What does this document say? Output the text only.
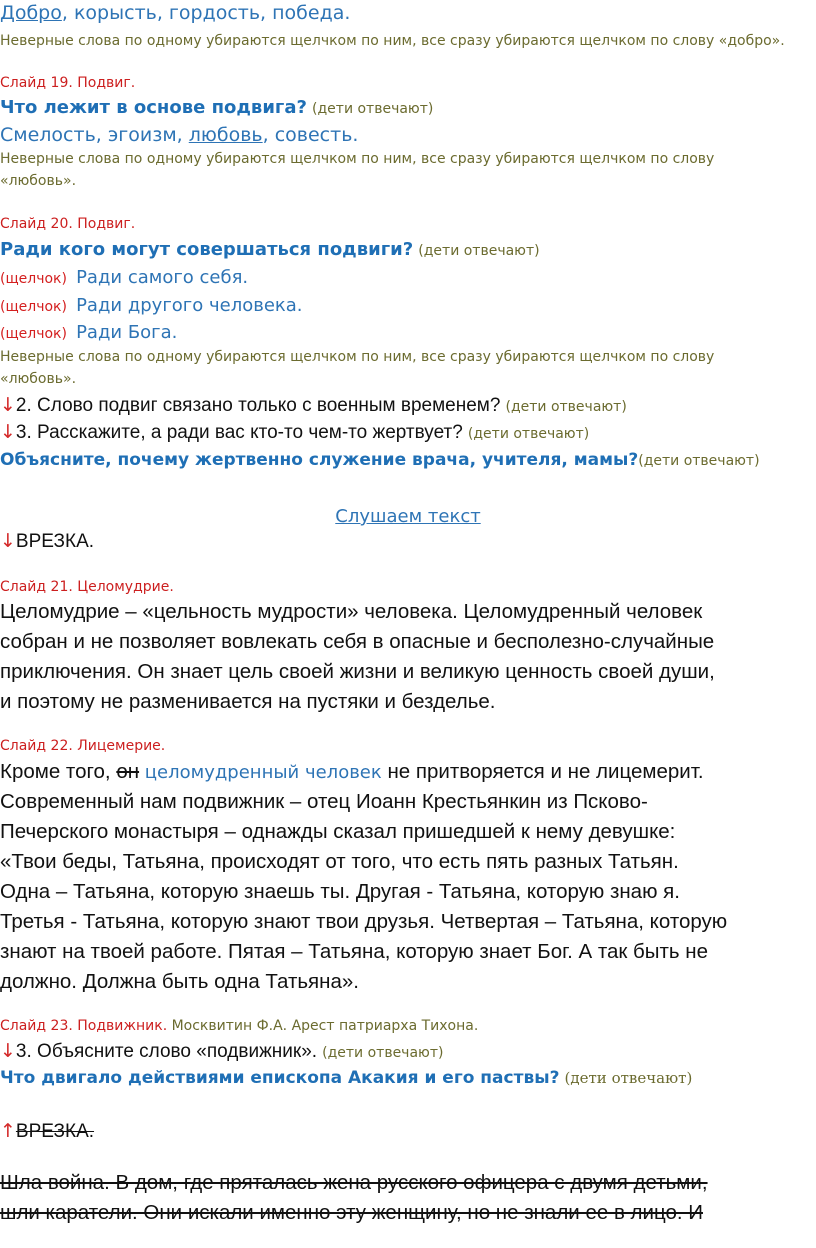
Добро, корысть, гордость, победа.
Неверные слова по одному убираются щелчком по ним, все сразу убираются щелчком по слову «добро».
Слайд 19. Подвиг.
Что лежит в основе подвига? (дети отвечают)
Смелость, эгоизм, любовь, совесть.
Неверные слова по одному убираются щелчком по ним, все сразу убираются щелчком по слову
«любовь».
Слайд 20. Подвиг.
Ради кого могут совершаться подвиги? (дети отвечают)
(щелчок) Ради самого себя.
(щелчок) Ради другого человека.
(щелчок) Ради Бога.
Неверные слова по одному убираются щелчком по ним, все сразу убираются щелчком по слову
«любовь».
↓2. Слово подвиг связано только с военным временем? (дети отвечают)
↓3. Расскажите, а ради вас кто-то чем-то жертвует? (дети отвечают)
Объясните, почему жертвенно служение врача, учителя, мамы?(дети отвечают)
Слушаем текст
↓ВРЕЗКА.
Слайд 21. Целомудрие.
Целомудрие – «цельность мудрости» человека. Целомудренный человек
собран и не позволяет вовлекать себя в опасные и бесполезно-случайные
приключения. Он знает цель своей жизни и великую ценность своей души,
и поэтому не разменивается на пустяки и безделье.
Слайд 22. Лицемерие.
Кроме того, он целомудренный человек не притворяется и не лицемерит.
Современный нам подвижник – отец Иоанн Крестьянкин из Псково-
Печерского монастыря – однажды сказал пришедшей к нему девушке:
«Твои беды, Татьяна, происходят от того, что есть пять разных Татьян.
Одна – Татьяна, которую знаешь ты. Другая - Татьяна, которую знаю я.
Третья - Татьяна, которую знают твои друзья. Четвертая – Татьяна, которую
знают на твоей работе. Пятая – Татьяна, которую знает Бог. А так быть не
должно. Должна быть одна Татьяна».
Слайд 23. Подвижник. Москвитин Ф.А. Арест патриарха Тихона.
↓3. Объясните слово «подвижник». (дети отвечают)
Что двигало действиями епископа Акакия и его паствы? (дети отвечают)
↑ВРЕЗКА.
Шла война. В дом, где пряталась жена русского офицера с двумя детьми,
шли каратели. Они искали именно эту женщину, но не знали ее в лицо. И
